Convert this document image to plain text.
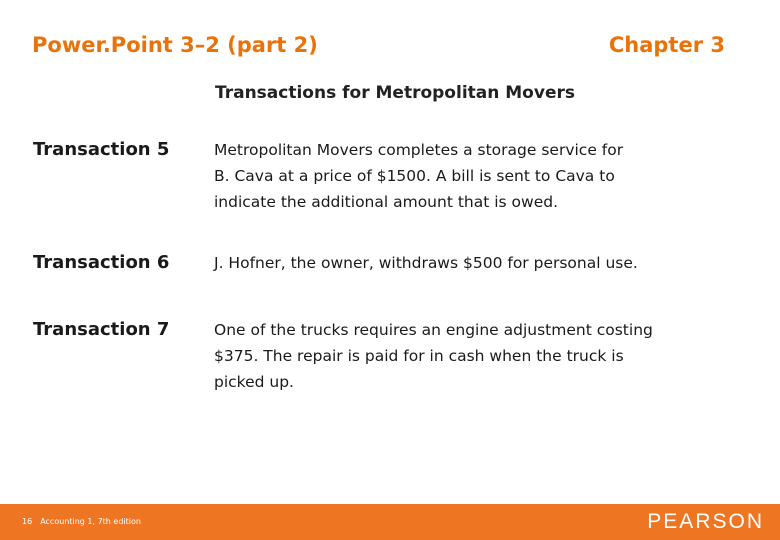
Power.Point 3–2 (part 2)	Chapter 3
Transactions for Metropolitan Movers
Transaction 5	Metropolitan Movers completes a storage service for
B. Cava at a price of $1500. A bill is sent to Cava to
indicate the additional amount that is owed.
Transaction 6	J. Hofner, the owner, withdraws $500 for personal use.
Transaction 7	One of the trucks requires an engine adjustment costing
$375. The repair is paid for in cash when the truck is
picked up.
16 Accounting 1, 7th edition	PEARSON
